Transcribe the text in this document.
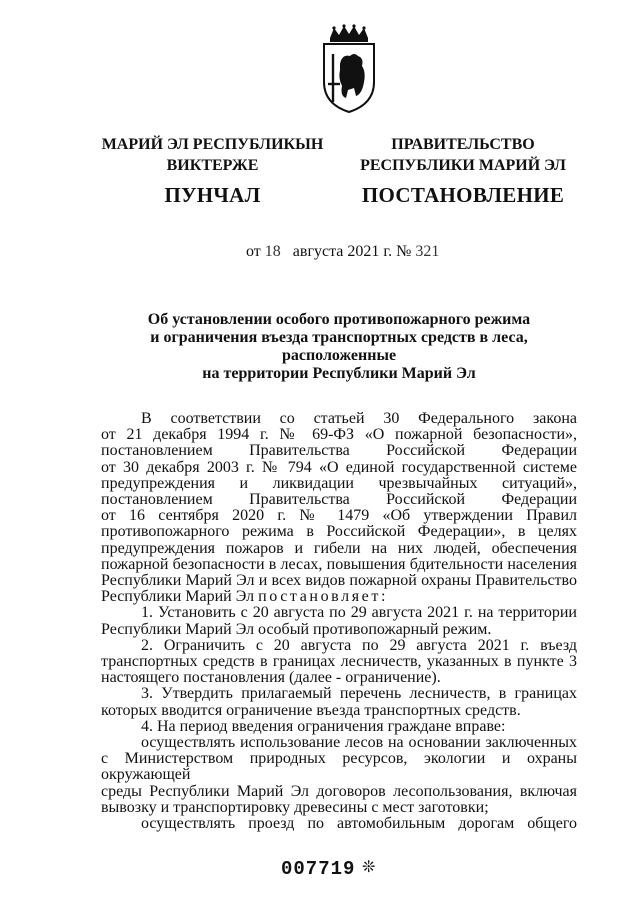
МАРИЙ ЭЛ РЕСПУБЛИКЫН
ВИКТЕРЖЕ
ПУНЧАЛ
ПРАВИТЕЛЬСТВО
РЕСПУБЛИКИ МАРИЙ ЭЛ
ПОСТАНОВЛЕНИЕ
от 18 августа 2021 г. № 321
Об установлении особого противопожарного режима
и ограничения въезда транспортных средств в леса, расположенные
на территории Республики Марий Эл

В соответствии со статьей 30 Федерального закона

от 21 декабря 1994 г. № 69-ФЗ «О пожарной безопасности»,

постановлением Правительства Российской Федерации

от 30 декабря 2003 г. № 794 «О единой государственной системе

предупреждения и ликвидации чрезвычайных ситуаций»,

постановлением Правительства Российской Федерации

от 16 сентября 2020 г. № 1479 «Об утверждении Правил

противопожарного режима в Российской Федерации», в целях

предупреждения пожаров и гибели на них людей, обеспечения

пожарной безопасности в лесах, повышения бдительности населения

Республики Марий Эл и всех видов пожарной охраны Правительство

Республики Марий Эл постановляет:

1. Установить с 20 августа по 29 августа 2021 г. на территории

Республики Марий Эл особый противопожарный режим.

2. Ограничить с 20 августа по 29 августа 2021 г. въезд

транспортных средств в границах лесничеств, указанных в пункте 3

настоящего постановления (далее - ограничение).

3. Утвердить прилагаемый перечень лесничеств, в границах

которых вводится ограничение въезда транспортных средств.

4. На период введения ограничения граждане вправе:

осуществлять использование лесов на основании заключенных

с Министерством природных ресурсов, экологии и охраны окружающей

среды Республики Марий Эл договоров лесопользования, включая

вывозку и транспортировку древесины с мест заготовки;

осуществлять проезд по автомобильным дорогам общего

007719 ❊
